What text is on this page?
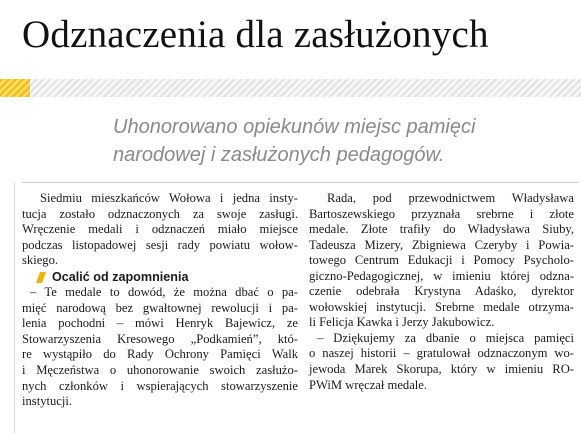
Odznaczenia dla zasłużonych

Uhonorowano opiekunów miejsc pamięci narodowej i zasłużonych pedagogów.

Siedmiu mieszkańców Wołowa i jedna insty-
tucja zostało odznaczonych za swoje zasługi.
Wręczenie medali i odznaczeń miało miejsce
podczas listopadowej sesji rady powiatu wołow-
skiego.
Ocalić od zapomnienia
– Te medale to dowód, że można dbać o pa-
mięć narodową bez gwałtownej rewolucji i pa-
lenia pochodni – mówi Henryk Bajewicz, ze
Stowarzyszenia Kresowego „Podkamień”, któ-
re wystąpiło do Rady Ochrony Pamięci Walk
i Męczeństwa o uhonorowanie swoich zasłużo-
nych członków i wspierających stowarzyszenie
instytucji.
Rada, pod przewodnictwem Władysława
Bartoszewskiego przyznała srebrne i złote
medale. Złote trafiły do Władysława Siuby,
Tadeusza Mizery, Zbigniewa Czeryby i Powia-
towego Centrum Edukacji i Pomocy Psycholo-
giczno-Pedagogicznej, w imieniu której odzna-
czenie odebrała Krystyna Adaśko, dyrektor
wołowskiej instytucji. Srebrne medale otrzyma-
li Felicja Kawka i Jerzy Jakubowicz.
– Dziękujemy za dbanie o miejsca pamięci
o naszej historii – gratulował odznaczonym wo-
jewoda Marek Skorupa, który w imieniu RO-
PWiM wręczał medale.
